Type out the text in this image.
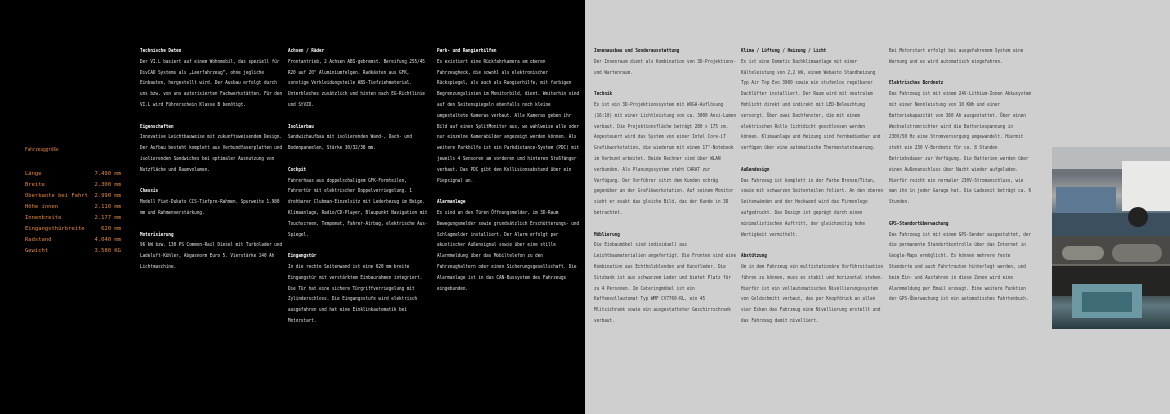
Fahrzeuggröße
Länge	7.490 mm
Breite	2.300 mm
Oberkante bei Fahrt 2.990 mm
Höhe innen	2.110 mm
Innenbreite	2.177 mm
Eingangsthürbreite	620 mm
Radstand	4.040 mm
Gewicht	3.580 KG
Technische Daten

Der VI.L basiert auf einem Wohnmobil, das speziell für DivCAD Systems als „Leerfahrzeug“, ohne jegliche Einbauten, hergestellt wird. Der Ausbau erfolgt durch uns bzw. von uns autorisierten Fachwerkstätten. Für den VI.L wird Führerschein Klasse B benötigt.

Eigenschaften

Innovative Leichtbauweise mit zukunftsweisendem Design. Der Aufbau besteht komplett aus Verbundfaserplatten und isolierenden Sandwiches bei optimaler Ausnutzung von Nutzfläche und Raumvolumen.

Chassis

Modell Fiat-Dukato CCS-Tiefpre-Rahmen. Spurweite 1.980 mm und Rahmenverstärkung.

Motorisierung

96 kW bzw. 130 PS Common-Rail Diesel mit Turbolader und Ladeluft-Kühler, Abgasnorm Euro 5. Vierstärke 140 Ah Lichtmaschine.

Achsen / Räder

Frontantrieb, 2 Achsen ABS-gebremst. Bereifung 255/45 R20 auf 20" Aluminiumfelgen. Radkästen aus GFK, sonstige Verkleidungsteile ABS-Tiefziehmaterial. Unterbleches zusätzlich und hinten nach EG-Richtlinie und StVZO.

Isolierbau

Sandwichaufbau mit isolierenden Wand-, Dach- und Bodenpaneelen, Stärke 30/32/38 mm.

Cockpit

Fahrerhaus aus doppelschaligem GFK-Formteilen, Fahrertür mit elektrischer Doppelverriegelung. 1 drehbarer Clubman-Einzelsitz mit Lederbezug im Beige. Klimaanlage, Radio/CD-Player, Blaupunkt Navigation mit Touchscreen, Tempomat, Fahrer-Airbag, elektrische Aus-Spiegel.

Eingangstür

In die rechte Seitenwand ist eine 620 mm breite Eingangstür mit verstärktem Einbaurahmen integriert. Die Tür hat eine sichere Türgriffverriegelung mit Zylinderschloss. Die Eingangsstufe wird elektrisch ausgefahren und hat eine Einklinkautomatik bei Motorstart.

Park- und Rangierhilfen

Es existiert eine Rückfahrkamera am oberen Fahrzeugheck, die sowohl als elektronischer Rückspiegel, als auch als Rangierhilfe, mit farbigen Begrenzungslinien im Monitorbild, dient. Weiterhin sind auf den Seitenspiegeln ebenfalls noch kleine umgestaltete Kameras verbaut. Alle Kameras geben ihr Bild auf einen SplitMonitor aus, wo wahlweise alle oder nur einzelne Kamerabilder angezeigt werden können. Als weitere Parkhilfe ist ein Parkdistance-System (PDC) mit jeweils 4 Sensoren am vorderen und hinteren Stoßfänger verbaut. Das PDC gibt den Kollisionsabstand über ein Piepsignal an.

Alarmanlage

Es sind an den Türen Öffnungsmelder, im 3D-Raum Bewegungsmelder sowie grundsätzlich Erschütterungs- und Schlagmelder installiert. Der Alarm erfolgt per akustischer Außensignal sowie über eine stille Alarmmeldung über das Mobiltelefon zu den Fahrzeughaltern oder einen Sicherungsgesellschaft. Die Alarmanlage ist in das CAN-Bussystem des Fahrzeugs eingebunden.

Innenausbau und Sonderausstattung

Der Innenraum dient als Kombination von 3D-Projektions- und Wartenraum.

Technik

Es ist ein 3D-Projektionssystem mit WXGA-Auflösung (16:10) mit einer Lichtleistung von ca. 3000 Ansi-Lumen verbaut. Die Projektionsfläche beträgt 280 x 175 cm. Angesteuert wird das System von einer Intel Core-i7 Grafikworkstation, die wiederum mit einem 17"-Notebook im Verbund arbeitet. Beide Rechner sind über WLAN verbunden. Als Planungssystem steht CARAT zur Verfügung. Der Vorführer sitzt dem Kunden schräg gegenüber an der Grafikworkstation. Auf seinem Monitor sieht er exakt das gleiche Bild, das der Kunde in 3D betrachtet.

Möblierung

Die Einbaumöbel sind individuell aus Leichtbaumaterialien angefertigt. Die Fronten sind eine Kombination aus Echtholzblenden und Kunstleder. Die Sitzbank ist aus schwarzem Leder und bietet Platz für zu 4 Personen. Im Cateringmöbel ist ein Kaffeevollautomat Typ WMF CV7760-RL, ein 45 Mlitsichrank sowie ein ausgestatteter Geschirrschrank verbaut.

Klima / Lüftung / Heizung / Licht

Es ist eine Dometic Dachklimaanlage mit einer Kälteleistung von 2,2 kW, einem Webasto Standheizung Typ Air Top Evo 3900 sowie ein stufenlos regelbarer Dachlüfter installiert. Der Raum wird mit neutralem Hohlicht direkt und indirekt mit LED-Beleuchtung versorgt. Über zwei Dachfenster, die mit einem elektrischen Rollo lichtdicht geschlossen werden können. Klimaanlage und Heizung sind fernbedienbar und verfügen über eine automatische Thermostatsteuerung.

Außendesign

Das Fahrzeug ist komplett in der Farbe Bronze/Titan, sowie mit schwarzen Seitenteilen foliert. An den oberen Seitenwänden und der Heckwand wird das Firmenlogo aufgedruckt. Das Design ist geprägt durch einen minimalistischen Auftritt, der gleichzeitig hohe Wertigkeit vermittelt.

Abstützung

Um in dem Fahrzeug ein multistationäre Vorführsituation führen zu können, muss es stabil und horizontal stehen. Hierfür ist ein vollautomatisches Nivellierungssystem von Goldschmitt verbaut, das per Knopfdruck an allen vier Ecken das Fahrzeug eine Nivellierung erstellt und das Fahrzeug damit nivelliert.

Bei Motorstart erfolgt bei ausgefahrenem System eine Warnung und es wird automatisch eingefahren.

Elektrisches Bordnetz

Das Fahrzeug ist mit einem 24V-Lithium-Ionen Akkusystem mit einer Nennleistung von 10 KWh und einer Batteriekapazität von 360 Ah ausgestattet. Über einen Wechselstromrichter wird die Batteriespannung in 230V/50 Hz eine Stromversorgung umgewandelt. Hiermit steht ein 230 V-Bordnetz für ca. 8 Stunden Betriebsdauer zur Verfügung. Die Batterien werden über einen Außenanschluss über Nacht wieder aufgeladen. Hierfür reicht ein normaler 230V-Stromanschluss, wie man ihn in jeder Garage hat. Die Ladezeit beträgt ca. 6 Stunden.

GPS-Standortüberwachung

Das Fahrzeug ist mit einem GPS-Sender ausgestattet, der die permanente Standortkontrolle über das Internet in Google-Maps ermöglicht. Es können mehrere feste Standorte und auch Fahrtrouten hinterlegt werden, und beim Ein- und Ausfahren in diese Zonen wird eine Alarmmeldung per Email erzeugt. Eine weitere Funktion der GPS-Überwachung ist ein automatisches Fahrtenbuch.
